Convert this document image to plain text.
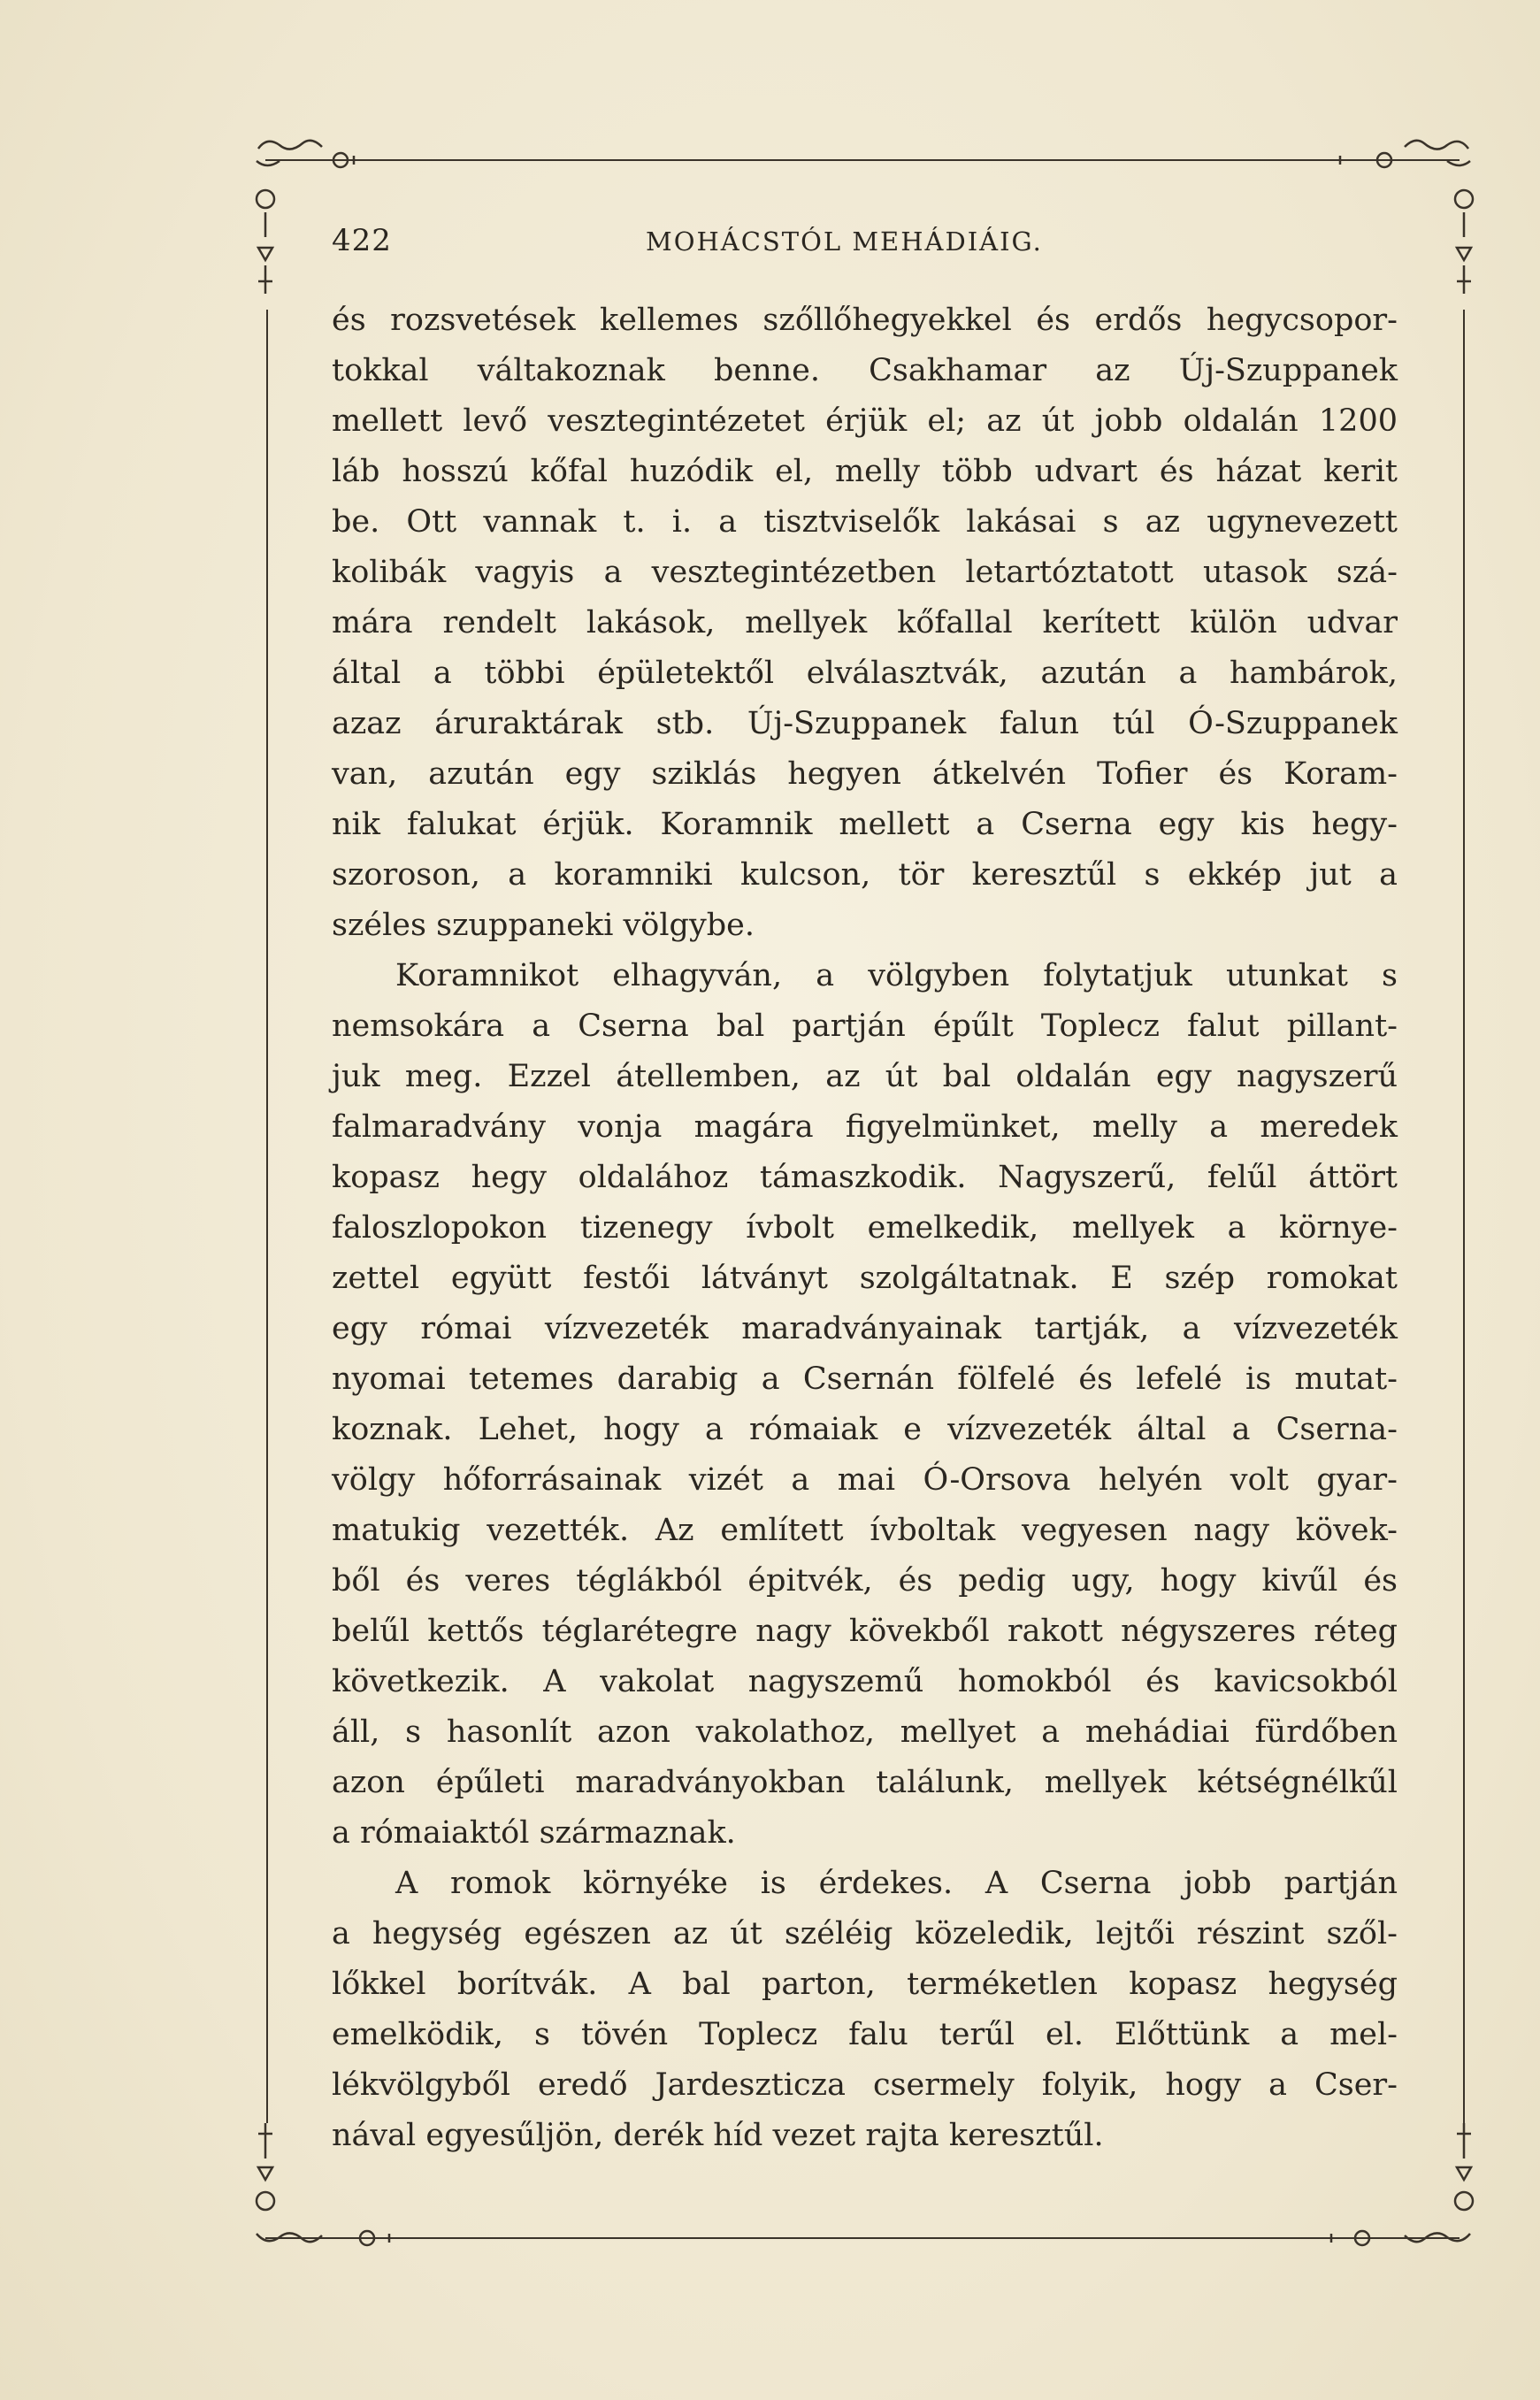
422	MOHÁCSTÓL MEHÁDIÁIG.
és rozsvetések kellemes szőllőhegyekkel és erdős hegycsopor-
tokkal váltakoznak benne. Csakhamar az Új-Szuppanek
mellett levő vesztegintézetet érjük el; az út jobb oldalán 1200
láb hosszú kőfal huzódik el, melly több udvart és házat kerit
be. Ott vannak t. i. a tisztviselők lakásai s az ugynevezett
kolibák vagyis a vesztegintézetben letartóztatott utasok szá-
mára rendelt lakások, mellyek kőfallal kerített külön udvar
által a többi épületektől elválasztvák, azután a hambárok,
azaz áruraktárak stb. Új-Szuppanek falun túl Ó-Szuppanek
van, azután egy sziklás hegyen átkelvén Tofier és Koram-
nik falukat érjük. Koramnik mellett a Cserna egy kis hegy-
szoroson, a koramniki kulcson, tör keresztűl s ekkép jut a
széles szuppaneki völgybe.
Koramnikot elhagyván, a völgyben folytatjuk utunkat s
nemsokára a Cserna bal partján épűlt Toplecz falut pillant-
juk meg. Ezzel átellemben, az út bal oldalán egy nagyszerű
falmaradvány vonja magára figyelmünket, melly a meredek
kopasz hegy oldalához támaszkodik. Nagyszerű, felűl áttört
faloszlopokon tizenegy ívbolt emelkedik, mellyek a környe-
zettel együtt festői látványt szolgáltatnak. E szép romokat
egy római vízvezeték maradványainak tartják, a vízvezeték
nyomai tetemes darabig a Csernán fölfelé és lefelé is mutat-
koznak. Lehet, hogy a rómaiak e vízvezeték által a Cserna-
völgy hőforrásainak vizét a mai Ó-Orsova helyén volt gyar-
matukig vezették. Az említett ívboltak vegyesen nagy kövek-
ből és veres téglákból épitvék, és pedig ugy, hogy kivűl és
belűl kettős téglarétegre nagy kövekből rakott négyszeres réteg
következik. A vakolat nagyszemű homokból és kavicsokból
áll, s hasonlít azon vakolathoz, mellyet a mehádiai fürdőben
azon épűleti maradványokban találunk, mellyek kétségnélkűl
a rómaiaktól származnak.
A romok környéke is érdekes. A Cserna jobb partján
a hegység egészen az út széléig közeledik, lejtői részint szől-
lőkkel borítvák. A bal parton, terméketlen kopasz hegység
emelködik, s tövén Toplecz falu terűl el. Előttünk a mel-
lékvölgyből eredő Jardeszticza csermely folyik, hogy a Cser-
nával egyesűljön, derék híd vezet rajta keresztűl.
